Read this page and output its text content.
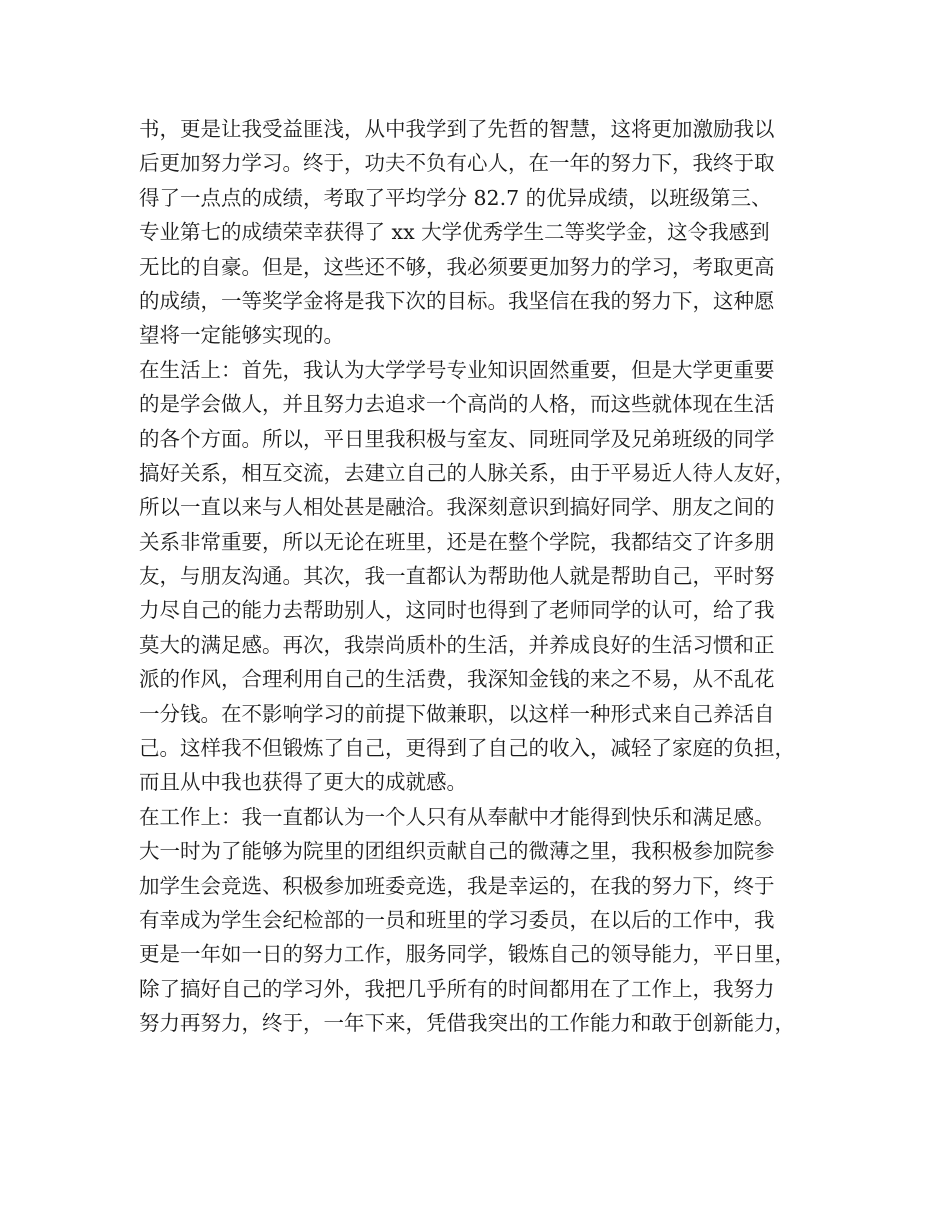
书，更是让我受益匪浅，从中我学到了先哲的智慧，这将更加激励我以
后更加努力学习。终于，功夫不负有心人，在一年的努力下，我终于取
得了一点点的成绩，考取了平均学分 82.7 的优异成绩，以班级第三、
专业第七的成绩荣幸获得了 xx 大学优秀学生二等奖学金，这令我感到
无比的自豪。但是，这些还不够，我必须要更加努力的学习，考取更高
的成绩，一等奖学金将是我下次的目标。我坚信在我的努力下，这种愿
望将一定能够实现的。
在生活上：首先，我认为大学学号专业知识固然重要，但是大学更重要
的是学会做人，并且努力去追求一个高尚的人格，而这些就体现在生活
的各个方面。所以，平日里我积极与室友、同班同学及兄弟班级的同学
搞好关系，相互交流，去建立自己的人脉关系，由于平易近人待人友好，
所以一直以来与人相处甚是融洽。我深刻意识到搞好同学、朋友之间的
关系非常重要，所以无论在班里，还是在整个学院，我都结交了许多朋
友，与朋友沟通。其次，我一直都认为帮助他人就是帮助自己，平时努
力尽自己的能力去帮助别人，这同时也得到了老师同学的认可，给了我
莫大的满足感。再次，我崇尚质朴的生活，并养成良好的生活习惯和正
派的作风，合理利用自己的生活费，我深知金钱的来之不易，从不乱花
一分钱。在不影响学习的前提下做兼职，以这样一种形式来自己养活自
己。这样我不但锻炼了自己，更得到了自己的收入，减轻了家庭的负担，
而且从中我也获得了更大的成就感。
在工作上：我一直都认为一个人只有从奉献中才能得到快乐和满足感。
大一时为了能够为院里的团组织贡献自己的微薄之里，我积极参加院参
加学生会竞选、积极参加班委竞选，我是幸运的，在我的努力下，终于
有幸成为学生会纪检部的一员和班里的学习委员，在以后的工作中，我
更是一年如一日的努力工作，服务同学，锻炼自己的领导能力，平日里，
除了搞好自己的学习外，我把几乎所有的时间都用在了工作上，我努力
努力再努力，终于，一年下来，凭借我突出的工作能力和敢于创新能力，
